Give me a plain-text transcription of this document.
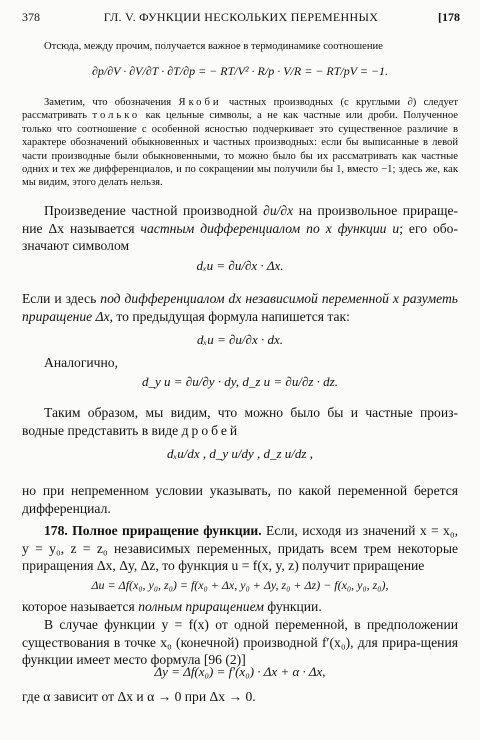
378	ГЛ. V. ФУНКЦИИ НЕСКОЛЬКИХ ПЕРЕМЕННЫХ	[178

Отсюда, между прочим, получается важное в термодинамике соотношение

∂p/∂V · ∂V/∂T · ∂T/∂p = − RT/V² · R/p · V/R = − RT/pV = −1.

Заметим, что обозначения Якоби частных производных (с круглыми ∂) следует рассматривать только как цельные символы, а не как частные или дроби. Полученное только что соотношение с особенной ясностью подчеркивает это существенное различие в характере обозначений обыкновенных и частных производных: если бы выписанные в левой части производные были обыкновенными, то можно было бы их рассматривать как частные одних и тех же дифференциалов, и по сокращении мы получили бы 1, вместо −1; здесь же, как мы видим, этого делать нельзя.

Произведение частной производной ∂u/∂x на произвольное прираще-ние Δx называется частным дифференциалом по x функции u; его обо-значают символом

dₓu = ∂u/∂x · Δx.

Если и здесь под дифференциалом dx независимой переменной x разуметь приращение Δx, то предыдущая формула напишется так:

dₓu = ∂u/∂x · dx.

Аналогично,

d_y u = ∂u/∂y · dy, d_z u = ∂u/∂z · dz.

Таким образом, мы видим, что можно было бы и частные произ-водные представить в виде дробей

dₓu/dx , d_y u/dy , d_z u/dz ,

но при непременном условии указывать, по какой переменной берется дифференциал.

178. Полное приращение функции. Если, исходя из значений x = x₀, y = y₀, z = z₀ независимых переменных, придать всем трем некоторые приращения Δx, Δy, Δz, то функция u = f(x, y, z) получит приращение

Δu = Δf(x₀, y₀, z₀) = f(x₀ + Δx, y₀ + Δy, z₀ + Δz) − f(x₀, y₀, z₀),

которое называется полным приращением функции.

В случае функции y = f(x) от одной переменной, в предположении существования в точке x₀ (конечной) производной f′(x₀), для прира-щения функции имеет место формула [96 (2)]

Δy = Δf(x₀) = f′(x₀) · Δx + α · Δx,

где α зависит от Δx и α → 0 при Δx → 0.
